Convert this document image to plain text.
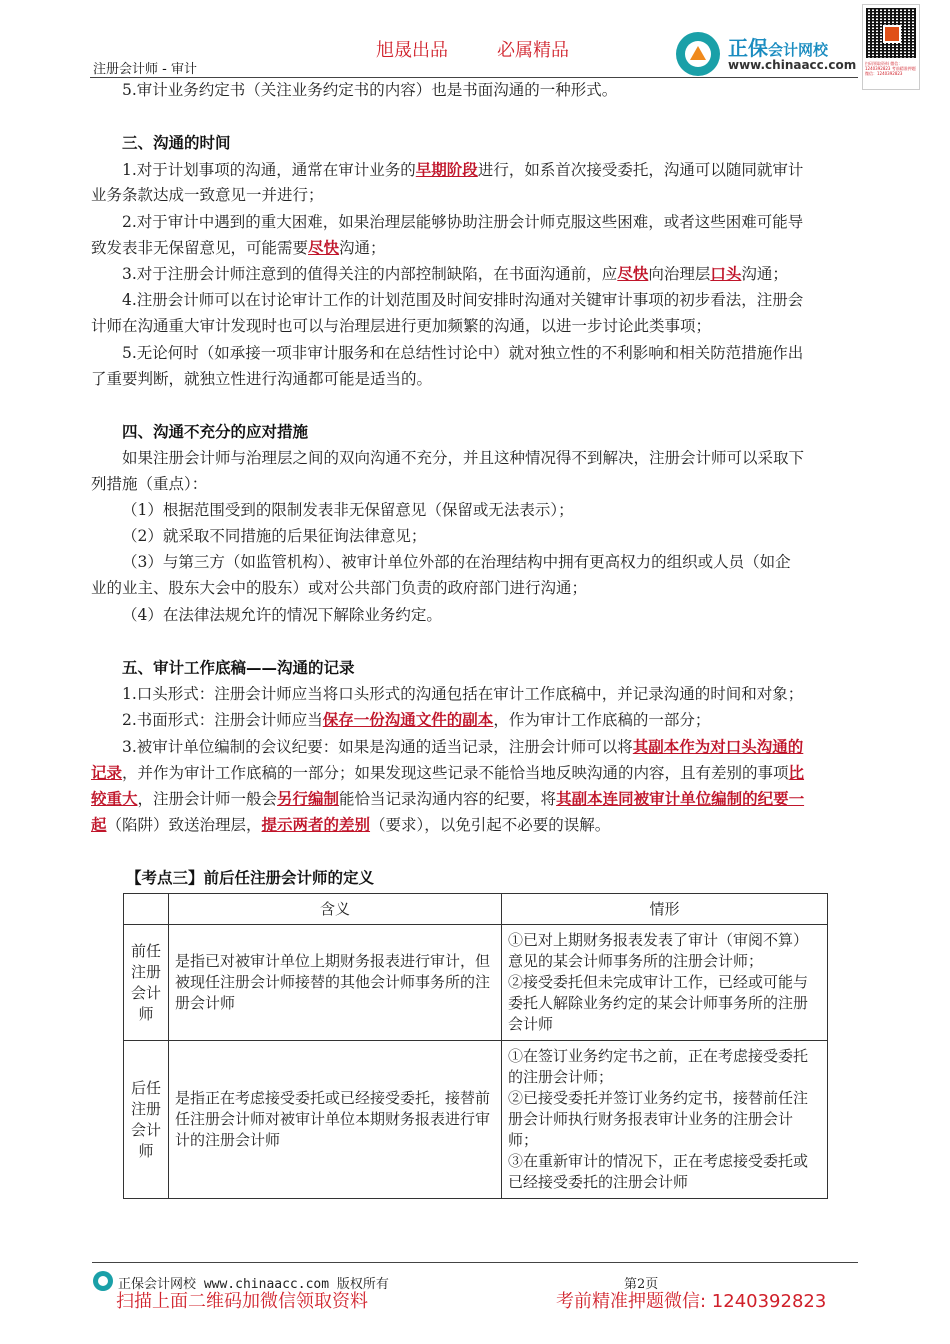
旭晟出品	必属精品
注册会计师 - 审计
正保会计网校
www.chinaacc.com 扫码领取资料 微信：1240392823 考前精准押题微信：1240392823

5.审计业务约定书（关注业务约定书的内容）也是书面沟通的一种形式。

三、沟通的时间

1.对于计划事项的沟通，通常在审计业务的早期阶段进行，如系首次接受委托，沟通可以随同就审计

业务条款达成一致意见一并进行；

2.对于审计中遇到的重大困难，如果治理层能够协助注册会计师克服这些困难，或者这些困难可能导

致发表非无保留意见，可能需要尽快沟通；

3.对于注册会计师注意到的值得关注的内部控制缺陷，在书面沟通前，应尽快向治理层口头沟通；

4.注册会计师可以在讨论审计工作的计划范围及时间安排时沟通对关键审计事项的初步看法，注册会

计师在沟通重大审计发现时也可以与治理层进行更加频繁的沟通，以进一步讨论此类事项；

5.无论何时（如承接一项非审计服务和在总结性讨论中）就对独立性的不利影响和相关防范措施作出

了重要判断，就独立性进行沟通都可能是适当的。

四、沟通不充分的应对措施

如果注册会计师与治理层之间的双向沟通不充分，并且这种情况得不到解决，注册会计师可以采取下

列措施（重点）：

（1）根据范围受到的限制发表非无保留意见（保留或无法表示）；

（2）就采取不同措施的后果征询法律意见；

（3）与第三方（如监管机构）、被审计单位外部的在治理结构中拥有更高权力的组织或人员（如企

业的业主、股东大会中的股东）或对公共部门负责的政府部门进行沟通；

（4）在法律法规允许的情况下解除业务约定。

五、审计工作底稿——沟通的记录

1.口头形式：注册会计师应当将口头形式的沟通包括在审计工作底稿中，并记录沟通的时间和对象；

2.书面形式：注册会计师应当保存一份沟通文件的副本，作为审计工作底稿的一部分；

3.被审计单位编制的会议纪要：如果是沟通的适当记录，注册会计师可以将其副本作为对口头沟通的

记录，并作为审计工作底稿的一部分；如果发现这些记录不能恰当地反映沟通的内容，且有差别的事项比

较重大，注册会计师一般会另行编制能恰当记录沟通内容的纪要，将其副本连同被审计单位编制的纪要一

起（陷阱）致送治理层，提示两者的差别（要求），以免引起不必要的误解。

【考点三】前后任注册会计师的定义

	含义	情形
前任注册会计师	是指已对被审计单位上期财务报表进行审计，但被现任注册会计师接替的其他会计师事务所的注册会计师	①已对上期财务报表发表了审计（审阅不算）意见的某会计师事务所的注册会计师；
②接受委托但未完成审计工作，已经或可能与委托人解除业务约定的某会计师事务所的注册会计师

后任注册会计师	是指正在考虑接受委托或已经接受委托，接替前任注册会计师对被审计单位本期财务报表进行审计的注册会计师	①在签订业务约定书之前，正在考虑接受委托的注册会计师；
②已接受委托并签订业务约定书，接替前任注册会计师执行财务报表审计业务的注册会计师；
③在重新审计的情况下，正在考虑接受委托或已经接受委托的注册会计师
正保会计网校 www.chinaacc.com 版权所有	第2页
扫描上面二维码加微信领取资料	考前精准押题微信: 1240392823
